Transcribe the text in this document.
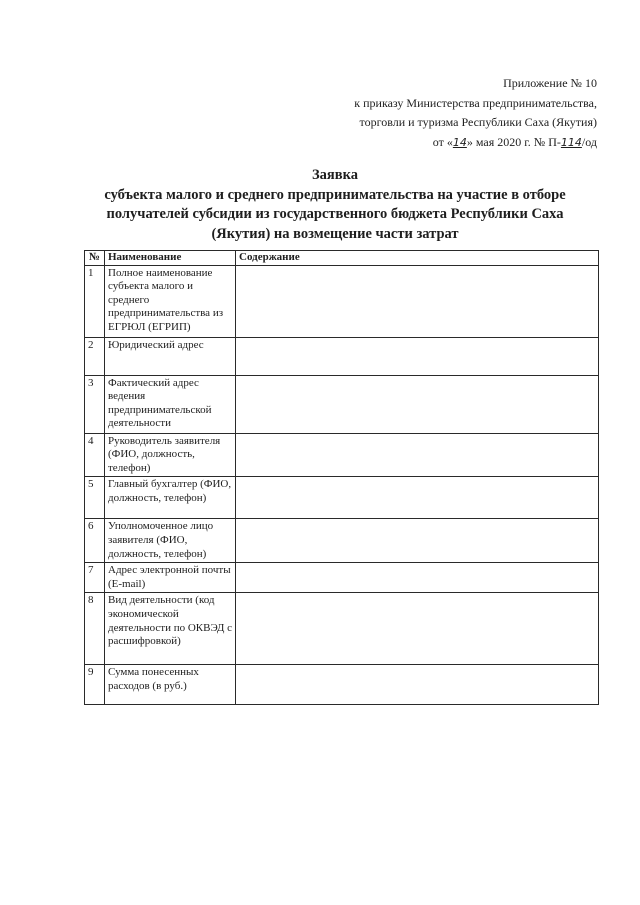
Приложение № 10
к приказу Министерства предпринимательства,
торговли и туризма Республики Саха (Якутия)
от «14» мая 2020 г. № П-114/од
Заявка
субъекта малого и среднего предпринимательства на участие в отборе
получателей субсидии из государственного бюджета Республики Саха
(Якутия) на возмещение части затрат
№	Наименование	Содержание
1	Полное наименование субъекта малого и среднего предпринимательства из ЕГРЮЛ (ЕГРИП)	
2	Юридический адрес	
3	Фактический адрес ведения предпринимательской деятельности	
4	Руководитель заявителя (ФИО, должность, телефон)	
5	Главный бухгалтер (ФИО, должность, телефон)	
6	Уполномоченное лицо заявителя (ФИО, должность, телефон)	
7	Адрес электронной почты (E-mail)	
8	Вид деятельности (код экономической деятельности по ОКВЭД с расшифровкой)	
9	Сумма понесенных расходов (в руб.)	
